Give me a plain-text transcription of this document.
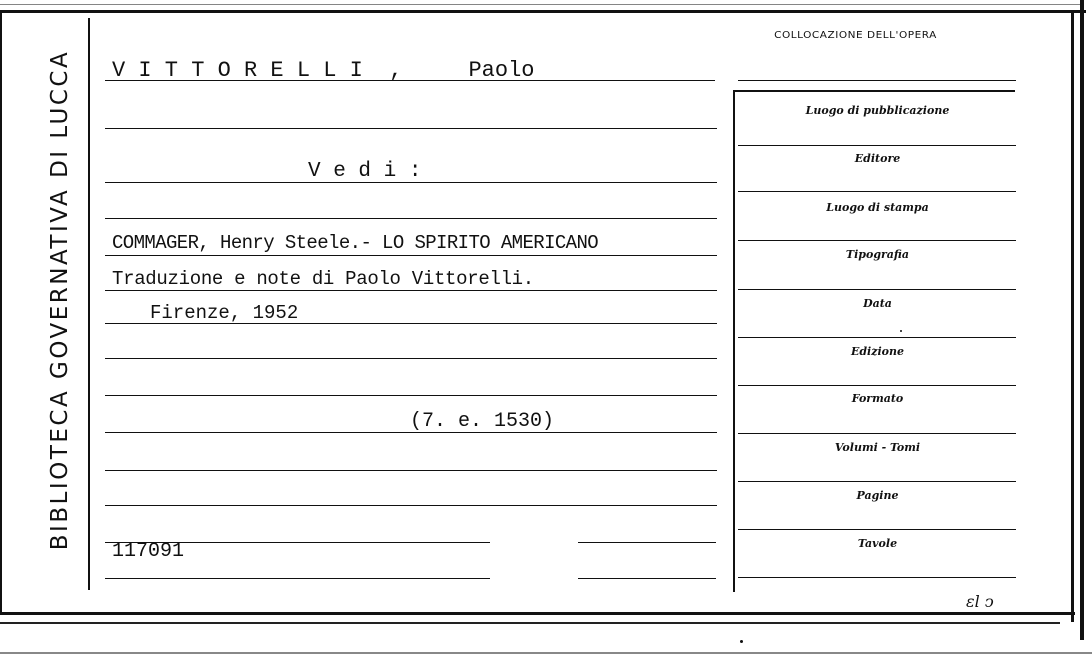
BIBLIOTECA GOVERNATIVA DI LUCCA V I T T O R E L L I  ,     Paolo
V e d i :
COMMAGER, Henry Steele.- LO SPIRITO AMERICANO
Traduzione e note di Paolo Vittorelli.
Firenze, 1952
(7. e. 1530)
117091
COLLOCAZIONE DELL'OPERA
Luogo di pubblicazione
Editore
Luogo di stampa
Tipografia
Data
Edizione
Formato
Volumi - Tomi
Pagine
Tavole
ɛl ↄ
